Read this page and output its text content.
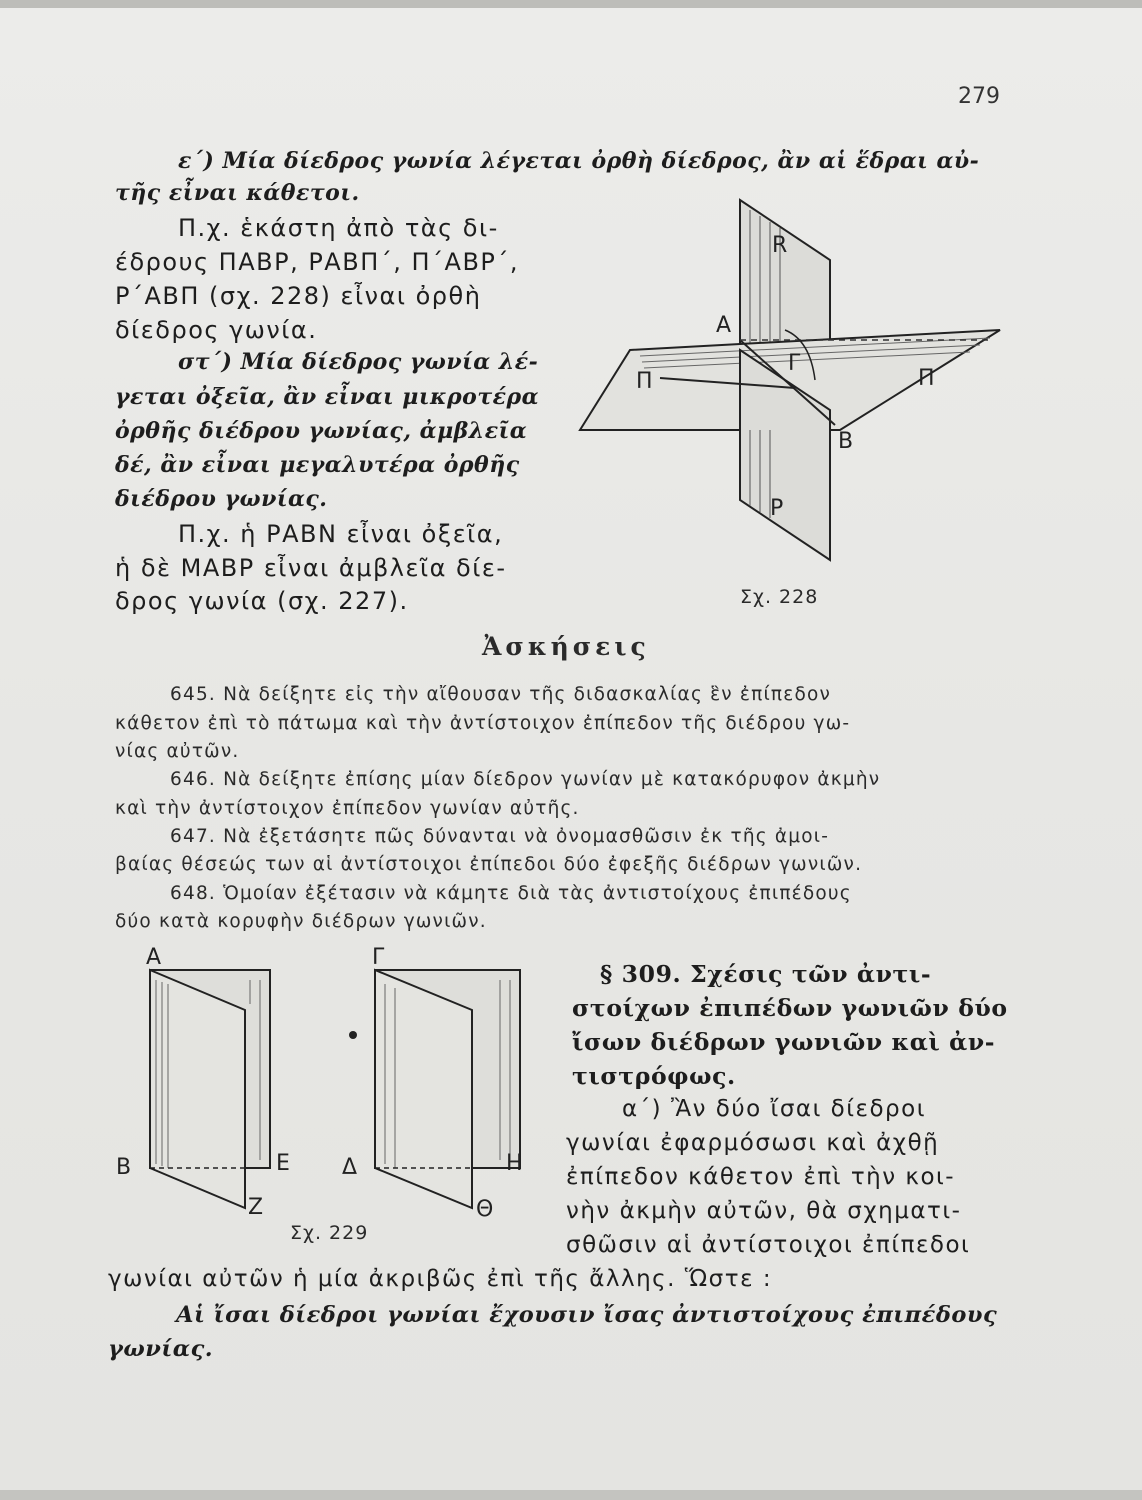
279
ε΄) Μία δίεδρος γωνία λέγεται ὀρθὴ δίεδρος, ἂν αἱ ἕδραι αὐ-
τῆς εἶναι κάθετοι.
Π.χ. ἑκάστη ἀπὸ τὰς δι-
έδρους ΠΑΒΡ, ΡΑΒΠ΄, Π΄ΑΒΡ΄,
Ρ΄ΑΒΠ (σχ. 228) εἶναι ὀρθὴ
δίεδρος γωνία.
στ΄) Μία δίεδρος γωνία λέ-
γεται ὀξεῖα, ἂν εἶναι μικροτέρα
ὀρθῆς διέδρου γωνίας, ἀμβλεῖα
δέ, ἂν εἶναι μεγαλυτέρα ὀρθῆς
διέδρου γωνίας.
Π.χ. ἡ ΡΑΒΝ εἶναι ὀξεῖα,
ἡ δὲ ΜΑΒΡ εἶναι ἀμβλεῖα δίε-
δρος γωνία (σχ. 227).
R
A
Γ
Π	Π
B
P
Σχ. 228
Ἀσκήσεις
645. Νὰ δείξητε εἰς τὴν αἴθουσαν τῆς διδασκαλίας ἓν ἐπίπεδον
κάθετον ἐπὶ τὸ πάτωμα καὶ τὴν ἀντίστοιχον ἐπίπεδον τῆς διέδρου γω-
νίας αὐτῶν.
646. Νὰ δείξητε ἐπίσης μίαν δίεδρον γωνίαν μὲ κατακόρυφον ἀκμὴν
καὶ τὴν ἀντίστοιχον ἐπίπεδον γωνίαν αὐτῆς.
647. Νὰ ἐξετάσητε πῶς δύνανται νὰ ὀνομασθῶσιν ἐκ τῆς ἀμοι-
βαίας θέσεώς των αἱ ἀντίστοιχοι ἐπίπεδοι δύο ἐφεξῆς διέδρων γωνιῶν.
648. Ὁμοίαν ἐξέτασιν νὰ κάμητε διὰ τὰς ἀντιστοίχους ἐπιπέδους
δύο κατὰ κορυφὴν διέδρων γωνιῶν.
A
B	E
Z
Γ
Δ	H
Θ
Σχ. 229
§ 309. Σχέσις τῶν ἀντι-
στοίχων ἐπιπέδων γωνιῶν δύο
ἴσων διέδρων γωνιῶν καὶ ἀν-
τιστρόφως.
α΄) Ἂν δύο ἴσαι δίεδροι
γωνίαι ἐφαρμόσωσι καὶ ἀχθῇ
ἐπίπεδον κάθετον ἐπὶ τὴν κοι-
νὴν ἀκμὴν αὐτῶν, θὰ σχηματι-
σθῶσιν αἱ ἀντίστοιχοι ἐπίπεδοι
γωνίαι αὐτῶν ἡ μία ἀκριβῶς ἐπὶ τῆς ἄλλης. Ὥστε :
Αἱ ἴσαι δίεδροι γωνίαι ἔχουσιν ἴσας ἀντιστοίχους ἐπιπέδους
γωνίας.
